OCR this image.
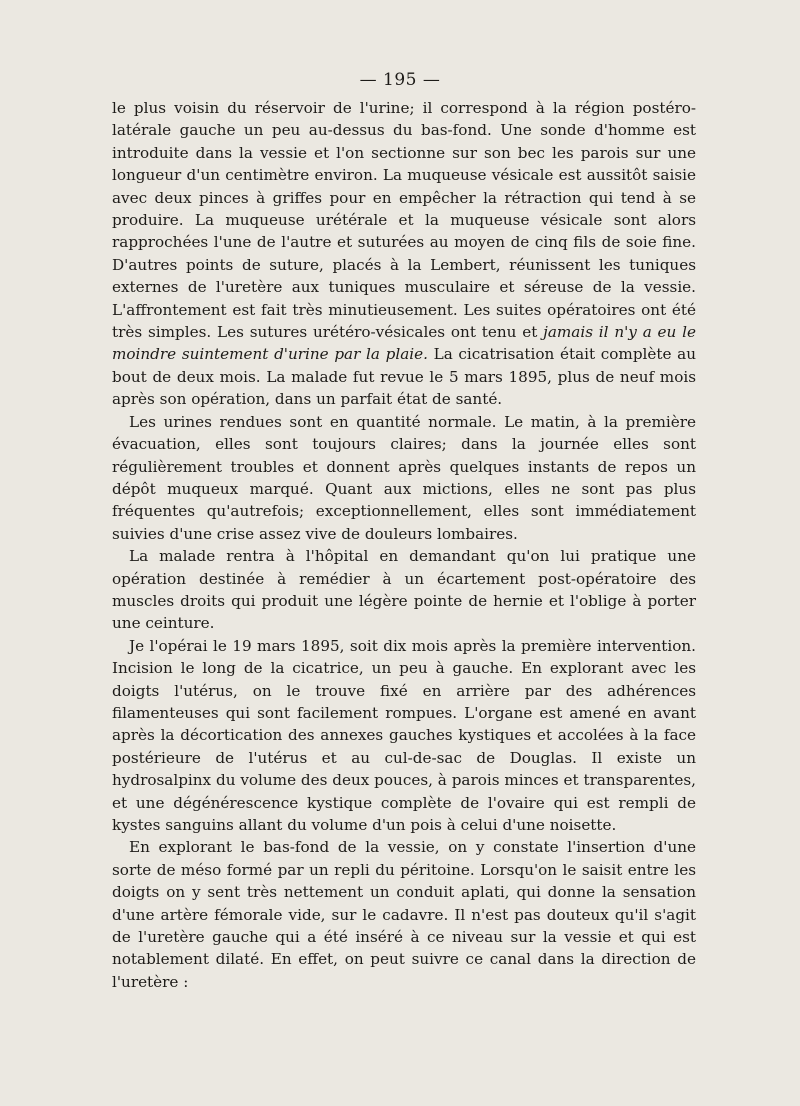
— 195 —

le plus voisin du réservoir de l'urine; il correspond à la région postéro-latérale gauche un peu au-dessus du bas-fond. Une sonde d'homme est introduite dans la vessie et l'on sectionne sur son bec les parois sur une longueur d'un centimètre environ. La muqueuse vésicale est aussitôt saisie avec deux pinces à griffes pour en empêcher la rétraction qui tend à se produire. La muqueuse urétérale et la muqueuse vésicale sont alors rapprochées l'une de l'autre et suturées au moyen de cinq fils de soie fine. D'autres points de suture, placés à la Lembert, réunissent les tuniques externes de l'uretère aux tuniques musculaire et séreuse de la vessie. L'affrontement est fait très minutieusement. Les suites opératoires ont été très simples. Les sutures urétéro-vésicales ont tenu et jamais il n'y a eu le moindre suintement d'urine par la plaie. La cicatrisation était complète au bout de deux mois. La malade fut revue le 5 mars 1895, plus de neuf mois après son opération, dans un parfait état de santé.

Les urines rendues sont en quantité normale. Le matin, à la première évacuation, elles sont toujours claires; dans la journée elles sont régulièrement troubles et donnent après quelques instants de repos un dépôt muqueux marqué. Quant aux mictions, elles ne sont pas plus fréquentes qu'autrefois; exceptionnellement, elles sont immédiatement suivies d'une crise assez vive de douleurs lombaires.

La malade rentra à l'hôpital en demandant qu'on lui pratique une opération destinée à remédier à un écartement post-opératoire des muscles droits qui produit une légère pointe de hernie et l'oblige à porter une ceinture.

Je l'opérai le 19 mars 1895, soit dix mois après la première intervention. Incision le long de la cicatrice, un peu à gauche. En explorant avec les doigts l'utérus, on le trouve fixé en arrière par des adhérences filamenteuses qui sont facilement rompues. L'organe est amené en avant après la décortication des annexes gauches kystiques et accolées à la face postérieure de l'utérus et au cul-de-sac de Douglas. Il existe un hydrosalpinx du volume des deux pouces, à parois minces et transparentes, et une dégénérescence kystique complète de l'ovaire qui est rempli de kystes sanguins allant du volume d'un pois à celui d'une noisette.

En explorant le bas-fond de la vessie, on y constate l'insertion d'une sorte de méso formé par un repli du péritoine. Lorsqu'on le saisit entre les doigts on y sent très nettement un conduit aplati, qui donne la sensation d'une artère fémorale vide, sur le cadavre. Il n'est pas douteux qu'il s'agit de l'uretère gauche qui a été inséré à ce niveau sur la vessie et qui est notablement dilaté. En effet, on peut suivre ce canal dans la direction de l'uretère :
